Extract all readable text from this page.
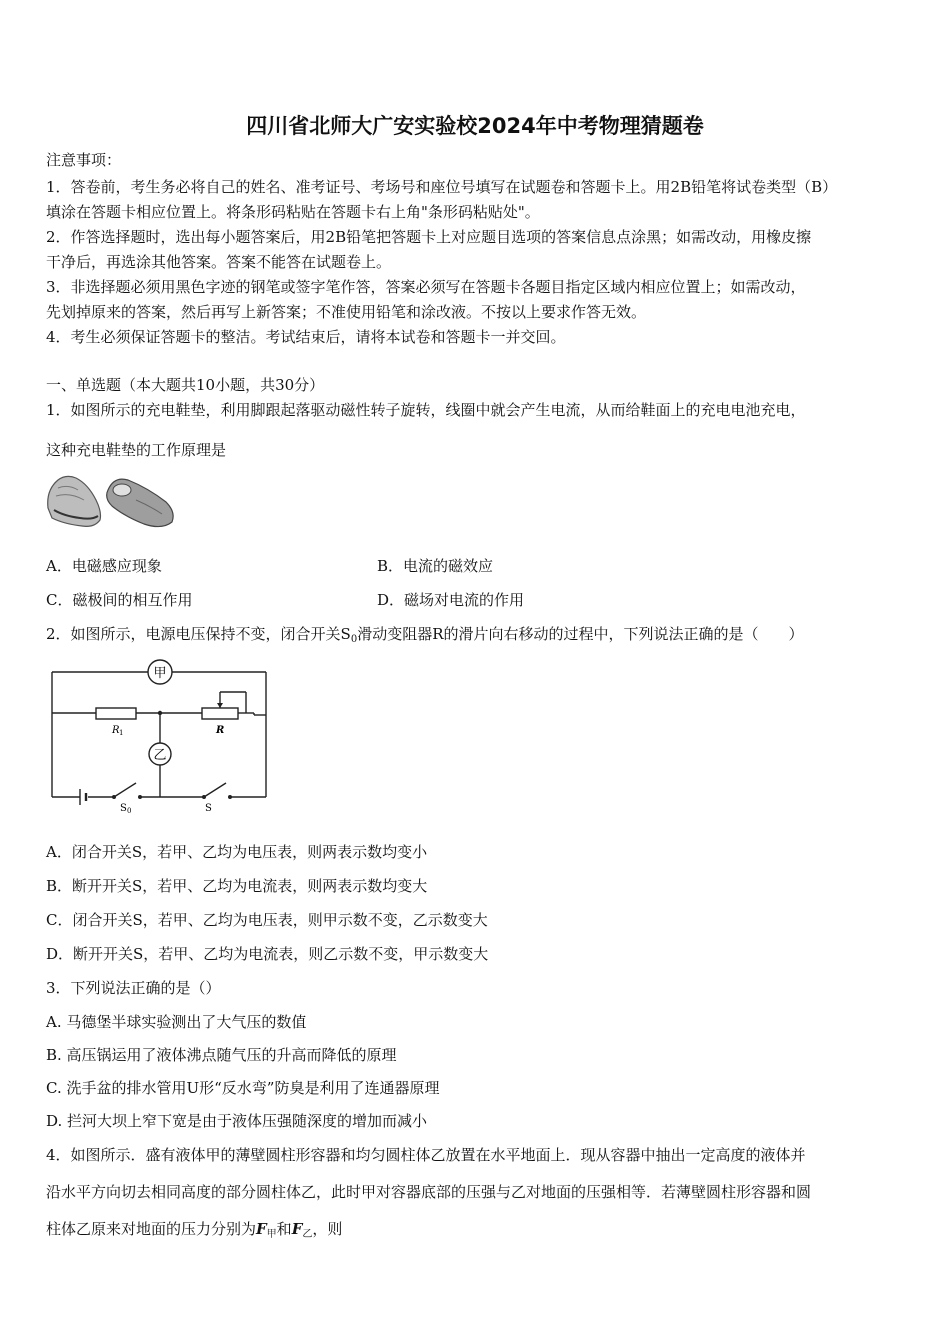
四川省北师大广安实验校2024年中考物理猜题卷
注意事项：
1．答卷前，考生务必将自己的姓名、准考证号、考场号和座位号填写在试题卷和答题卡上。用2B铅笔将试卷类型（B）
填涂在答题卡相应位置上。将条形码粘贴在答题卡右上角"条形码粘贴处"。
2．作答选择题时，选出每小题答案后，用2B铅笔把答题卡上对应题目选项的答案信息点涂黑；如需改动，用橡皮擦
干净后，再选涂其他答案。答案不能答在试题卷上。
3．非选择题必须用黑色字迹的钢笔或签字笔作答，答案必须写在答题卡各题目指定区域内相应位置上；如需改动，
先划掉原来的答案，然后再写上新答案；不准使用铅笔和涂改液。不按以上要求作答无效。
4．考生必须保证答题卡的整洁。考试结束后，请将本试卷和答题卡一并交回。
一、单选题（本大题共10小题，共30分）
1．如图所示的充电鞋垫，利用脚跟起落驱动磁性转子旋转，线圈中就会产生电流，从而给鞋面上的充电电池充电，
这种充电鞋垫的工作原理是
A．电磁感应现象	B．电流的磁效应
C．磁极间的相互作用	D．磁场对电流的作用
2．如图所示，电源电压保持不变，闭合开关$S_0$滑动变阻器R的滑片向右移动的过程中，下列说法正确的是（　　）
甲
乙
R 1	R
S 0	S
A．闭合开关S，若甲、乙均为电压表，则两表示数均变小
B．断开开关S，若甲、乙均为电流表，则两表示数均变大
C．闭合开关S，若甲、乙均为电压表，则甲示数不变，乙示数变大
D．断开开关S，若甲、乙均为电流表，则乙示数不变，甲示数变大
3．下列说法正确的是（）
A. 马德堡半球实验测出了大气压的数值
B. 高压锅运用了液体沸点随气压的升高而降低的原理
C. 洗手盆的排水管用U形“反水弯”防臭是利用了连通器原理
D. 拦河大坝上窄下宽是由于液体压强随深度的增加而减小
4．如图所示．盛有液体甲的薄壁圆柱形容器和均匀圆柱体乙放置在水平地面上．现从容器中抽出一定高度的液体并
沿水平方向切去相同高度的部分圆柱体乙，此时甲对容器底部的压强与乙对地面的压强相等．若薄壁圆柱形容器和圆
柱体乙原来对地面的压力分别为$F_甲$和$F_乙$，则
